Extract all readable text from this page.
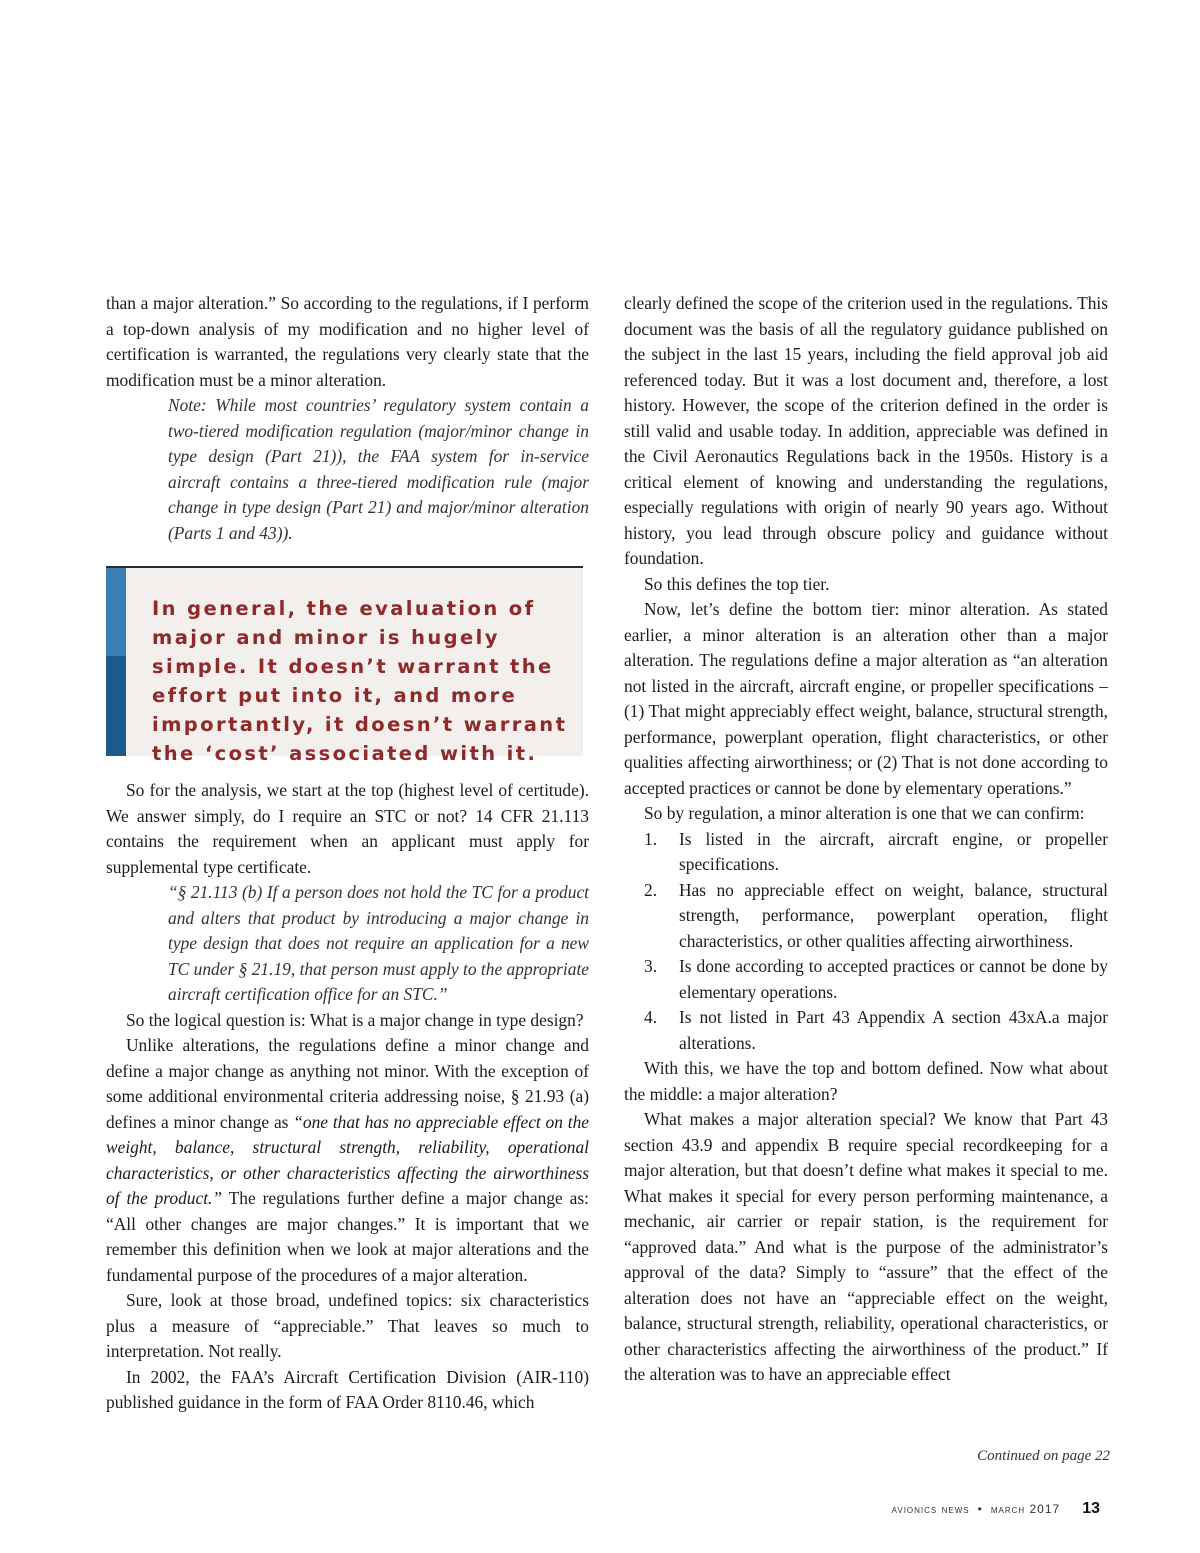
than a major alteration.” So according to the regulations, if I perform a top-down analysis of my modification and no higher level of certification is warranted, the regulations very clearly state that the modification must be a minor alteration.

Note: While most countries’ regulatory system contain a two-tiered modification regulation (major/minor change in type design (Part 21)), the FAA system for in-service aircraft contains a three-tiered modification rule (major change in type design (Part 21) and major/minor alteration (Parts 1 and 43)).

In general, the evaluation of major and minor is hugely simple. It doesn’t warrant the effort put into it, and more importantly, it doesn’t warrant the ‘cost’ associated with it.

So for the analysis, we start at the top (highest level of certitude). We answer simply, do I require an STC or not? 14 CFR 21.113 contains the requirement when an applicant must apply for supplemental type certificate.

“§ 21.113 (b) If a person does not hold the TC for a product and alters that product by introducing a major change in type design that does not require an application for a new TC under § 21.19, that person must apply to the appropriate aircraft certification office for an STC.”

So the logical question is: What is a major change in type design?

Unlike alterations, the regulations define a minor change and define a major change as anything not minor. With the exception of some additional environmental criteria addressing noise, § 21.93 (a) defines a minor change as “one that has no appreciable effect on the weight, balance, structural strength, reliability, operational characteristics, or other characteristics affecting the airworthiness of the product.” The regulations further define a major change as: “All other changes are major changes.” It is important that we remember this definition when we look at major alterations and the fundamental purpose of the procedures of a major alteration.

Sure, look at those broad, undefined topics: six characteristics plus a measure of “appreciable.” That leaves so much to interpretation. Not really.

In 2002, the FAA’s Aircraft Certification Division (AIR-110) published guidance in the form of FAA Order 8110.46, which

clearly defined the scope of the criterion used in the regulations. This document was the basis of all the regulatory guidance published on the subject in the last 15 years, including the field approval job aid referenced today. But it was a lost document and, therefore, a lost history. However, the scope of the criterion defined in the order is still valid and usable today. In addition, appreciable was defined in the Civil Aeronautics Regulations back in the 1950s. History is a critical element of knowing and understanding the regulations, especially regulations with origin of nearly 90 years ago. Without history, you lead through obscure policy and guidance without foundation.

So this defines the top tier.

Now, let’s define the bottom tier: minor alteration. As stated earlier, a minor alteration is an alteration other than a major alteration. The regulations define a major alteration as “an alteration not listed in the aircraft, aircraft engine, or propeller specifications – (1) That might appreciably effect weight, balance, structural strength, performance, powerplant operation, flight characteristics, or other qualities affecting airworthiness; or (2) That is not done according to accepted practices or cannot be done by elementary operations.”

So by regulation, a minor alteration is one that we can confirm:

1. Is listed in the aircraft, aircraft engine, or propeller specifications.
2. Has no appreciable effect on weight, balance, structural strength, performance, powerplant operation, flight characteristics, or other qualities affecting airworthiness.
3. Is done according to accepted practices or cannot be done by elementary operations.
4. Is not listed in Part 43 Appendix A section 43xA.a major alterations.

With this, we have the top and bottom defined. Now what about the middle: a major alteration?

What makes a major alteration special? We know that Part 43 section 43.9 and appendix B require special recordkeeping for a major alteration, but that doesn’t define what makes it special to me. What makes it special for every person performing maintenance, a mechanic, air carrier or repair station, is the requirement for “approved data.” And what is the purpose of the administrator’s approval of the data? Simply to “assure” that the effect of the alteration does not have an “appreciable effect on the weight, balance, structural strength, reliability, operational characteristics, or other characteristics affecting the airworthiness of the product.” If the alteration was to have an appreciable effect

Continued on page 22
avionics news • march 2017 13
